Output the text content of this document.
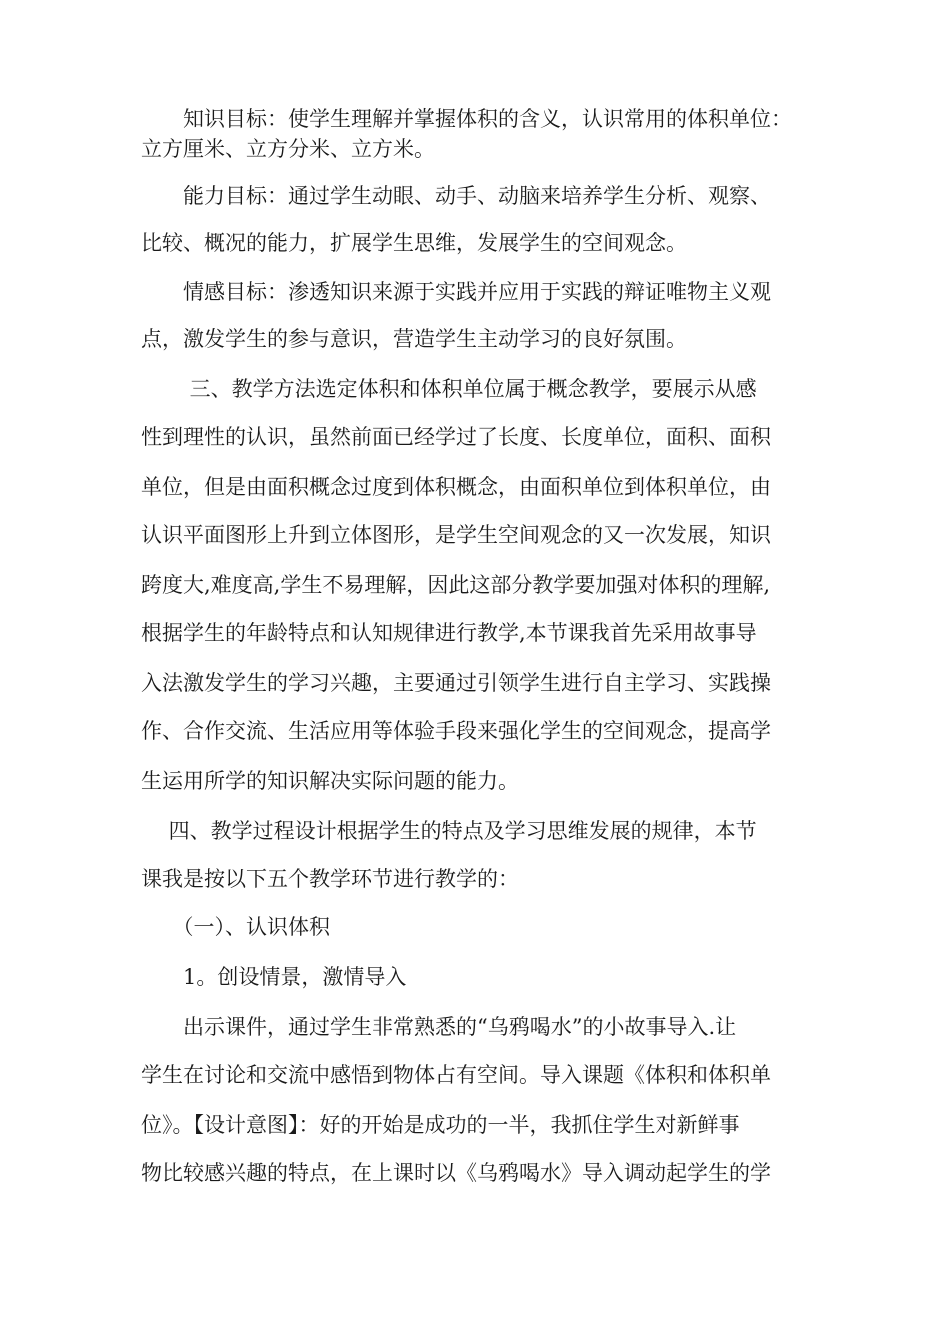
　　知识目标：使学生理解并掌握体积的含义，认识常用的体积单位：
立方厘米、立方分米、立方米。
　　能力目标：通过学生动眼、动手、动脑来培养学生分析、观察、
比较、概况的能力，扩展学生思维，发展学生的空间观念。
　　情感目标：渗透知识来源于实践并应用于实践的辩证唯物主义观
点，激发学生的参与意识，营造学生主动学习的良好氛围。
　　 三、教学方法选定体积和体积单位属于概念教学，要展示从感
性到理性的认识，虽然前面已经学过了长度、长度单位，面积、面积
单位，但是由面积概念过度到体积概念，由面积单位到体积单位，由
认识平面图形上升到立体图形，是学生空间观念的又一次发展，知识
跨度大,难度高,学生不易理解，因此这部分教学要加强对体积的理解,
根据学生的年龄特点和认知规律进行教学,本节课我首先采用故事导
入法激发学生的学习兴趣，主要通过引领学生进行自主学习、实践操
作、合作交流、生活应用等体验手段来强化学生的空间观念，提高学
生运用所学的知识解决实际问题的能力。
　 四、教学过程设计根据学生的特点及学习思维发展的规律，本节
课我是按以下五个教学环节进行教学的：
　　（一）、认识体积
　　1。创设情景，激情导入
　　出示课件，通过学生非常熟悉的“乌鸦喝水”的小故事导入.让
学生在讨论和交流中感悟到物体占有空间。导入课题《体积和体积单
位》。【设计意图】：好的开始是成功的一半，我抓住学生对新鲜事
物比较感兴趣的特点，在上课时以《乌鸦喝水》导入调动起学生的学
